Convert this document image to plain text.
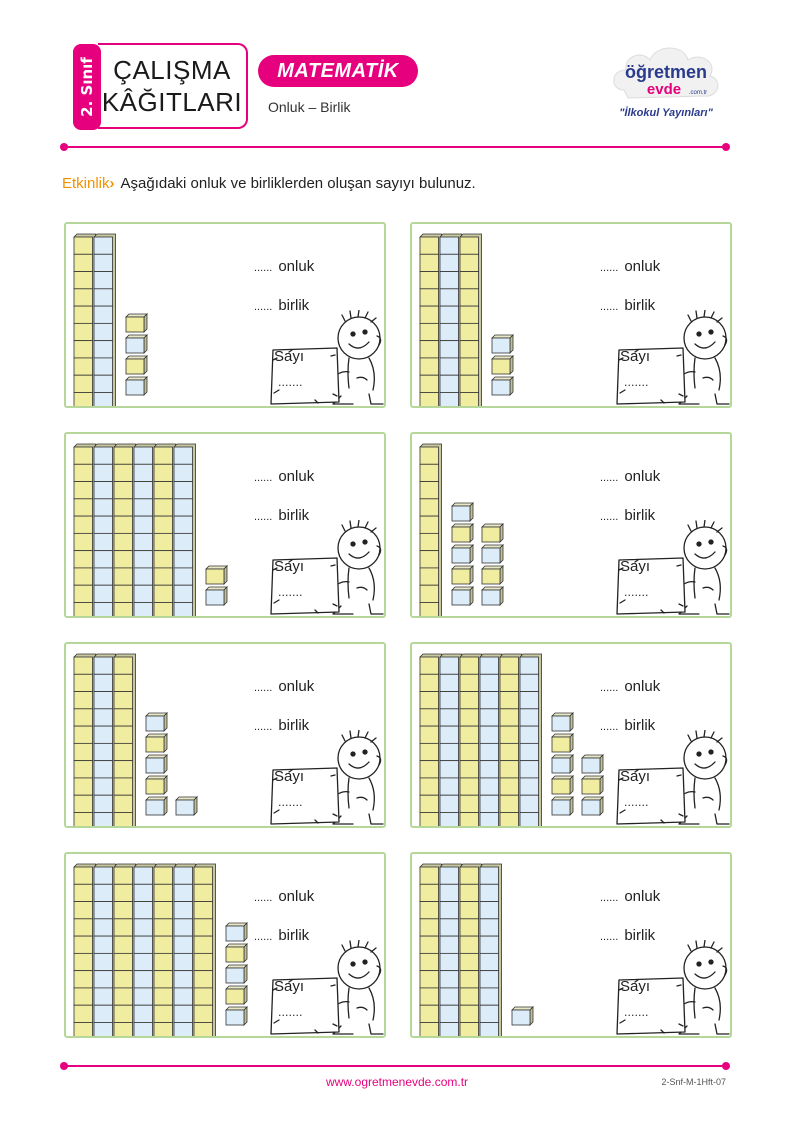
2. Sınıf ÇALIŞMA
KÂĞITLARI
MATEMATİK
Onluk – Birlik
öğretmen
evde .com.tr
"İlkokul Yayınları"
Etkinlik› Aşağıdaki onluk ve birliklerden oluşan sayıyı bulunuz.
...... onluk
...... birlik
Sayı
.......
...... onluk
...... birlik
Sayı
.......
...... onluk
...... birlik
Sayı
.......
...... onluk
...... birlik
Sayı
.......
...... onluk
...... birlik
Sayı
.......
...... onluk
...... birlik
Sayı
.......
...... onluk
...... birlik
Sayı
.......
...... onluk
...... birlik
Sayı
.......
www.ogretmenevde.com.tr	2-Snf-M-1Hft-07
